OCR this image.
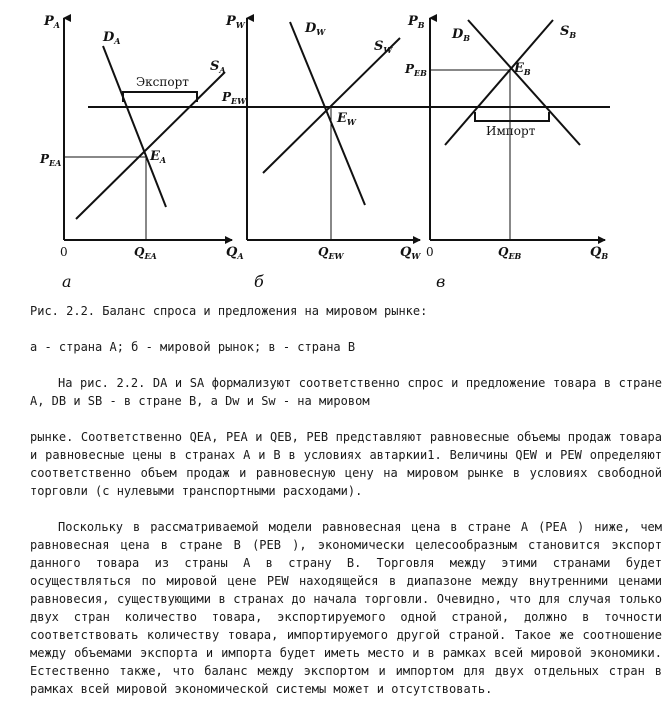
$P_A$
0	$Q_A$
$D_A$
$S_A$
$E_A$
$P_{EA}$
$Q_{EA}$
Экспорт
а
$P_W$
$Q_W$
$D_W$
$S_W$
$E_W$
$P_{EW}$
$Q_{EW}$
б
$P_B$
0	$Q_B$
$D_B$	$S_B$
$E_B$
$P_{EB}$
$Q_{EB}$
Импорт
в

Рис. 2.2. Баланс спроса и предложения на мировом рынке:

а - страна А; б - мировой рынок; в - страна В

На рис. 2.2. DA и SA формализуют соответственно спрос и предложение товара в стране А, DB и SB - в стране В, а Dw и Sw - на мировом

рынке. Соответственно QEA, PEA и QEB, PEB представляют равновесные объемы продаж товара и равновесные цены в странах А и В в условиях автаркии1. Величины QEW и PEW определяют соответственно объем продаж и равновесную цену на мировом рынке в условиях свободной торговли (с нулевыми транспортными расходами).

Поскольку в рассматриваемой модели равновесная цена в стране А (PEA ) ниже, чем равновесная цена в стране В (PEB ), экономически целесообразным становится экспорт данного товара из страны А в страну В. Торговля между этими странами будет осуществляться по мировой цене PEW находящейся в диапазоне между внутренними ценами равновесия, существующими в странах до начала торговли. Очевидно, что для случая только двух стран количество товара, экспортируемого одной страной, должно в точности соответствовать количеству товара, импортируемого другой страной. Такое же соотношение между объемами экспорта и импорта будет иметь место и в рамках всей мировой экономики. Естественно также, что баланс между экспортом и импортом для двух отдельных стран в рамках всей мировой экономической системы может и отсутствовать.
